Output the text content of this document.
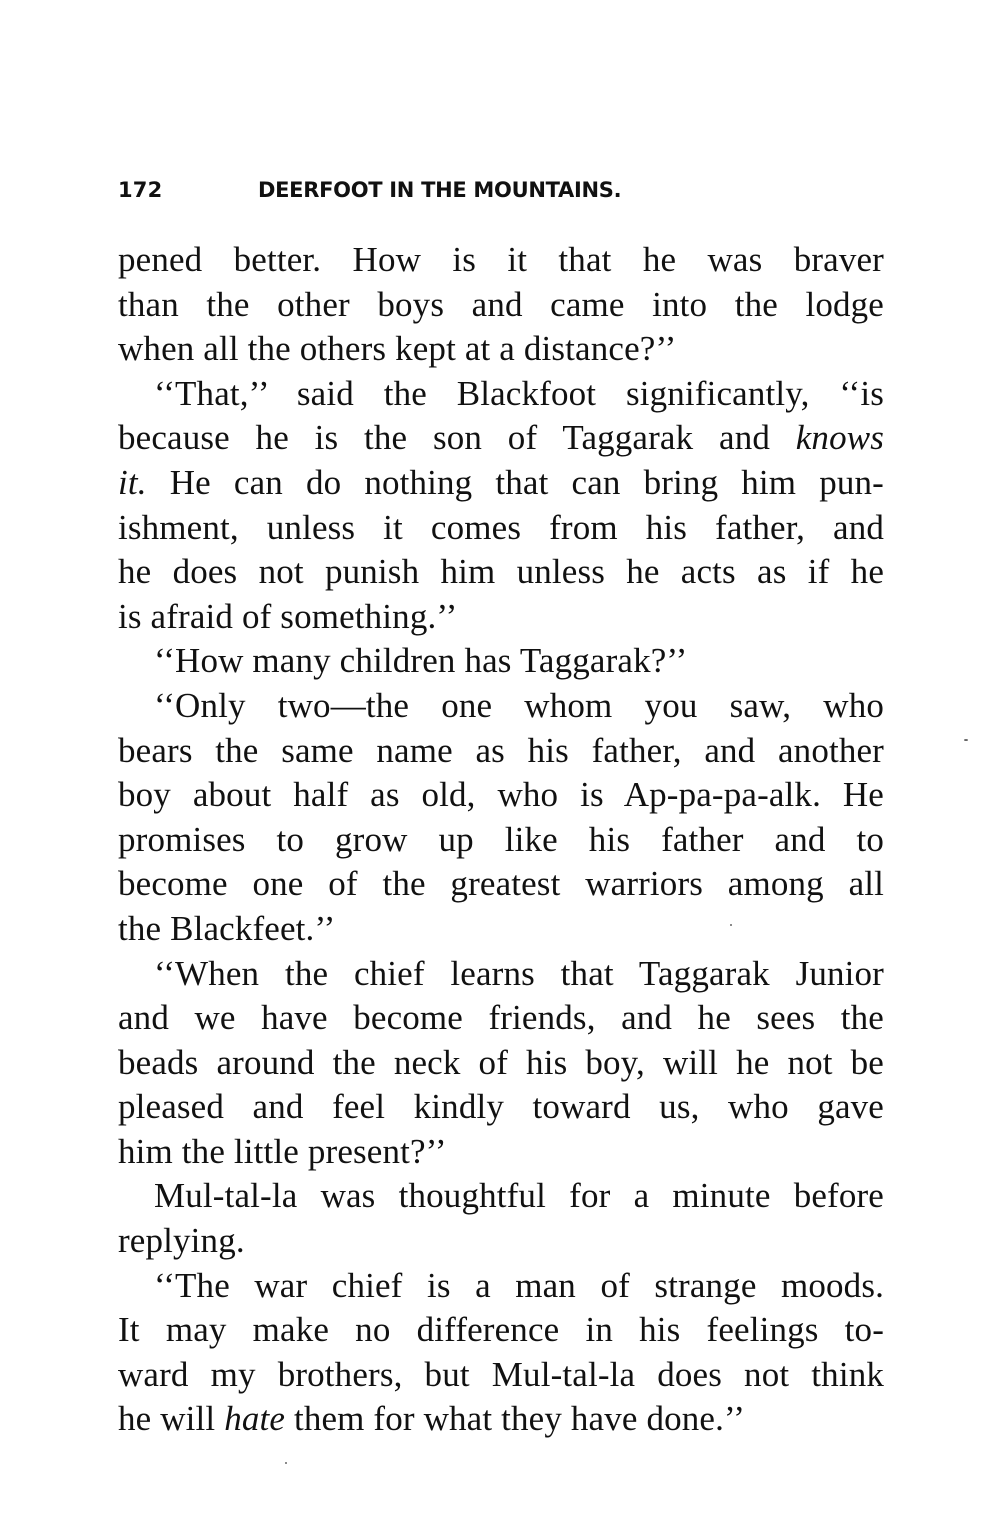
172	DEERFOOT IN THE MOUNTAINS.
pened better. How is it that he was braver
than the other boys and came into the lodge
when all the others kept at a distance?’’
‘‘That,’’ said the Blackfoot significantly, ‘‘is
because he is the son of Taggarak and knows
it. He can do nothing that can bring him pun-
ishment, unless it comes from his father, and
he does not punish him unless he acts as if he
is afraid of something.’’
‘‘How many children has Taggarak?’’
‘‘Only two—the one whom you saw, who
bears the same name as his father, and another
boy about half as old, who is Ap-pa-pa-alk. He
promises to grow up like his father and to
become one of the greatest warriors among all
the Blackfeet.’’
‘‘When the chief learns that Taggarak Junior
and we have become friends, and he sees the
beads around the neck of his boy, will he not be
pleased and feel kindly toward us, who gave
him the little present?’’
Mul-tal-la was thoughtful for a minute before
replying.
‘‘The war chief is a man of strange moods.
It may make no difference in his feelings to-
ward my brothers, but Mul-tal-la does not think
he will hate them for what they have done.’’
